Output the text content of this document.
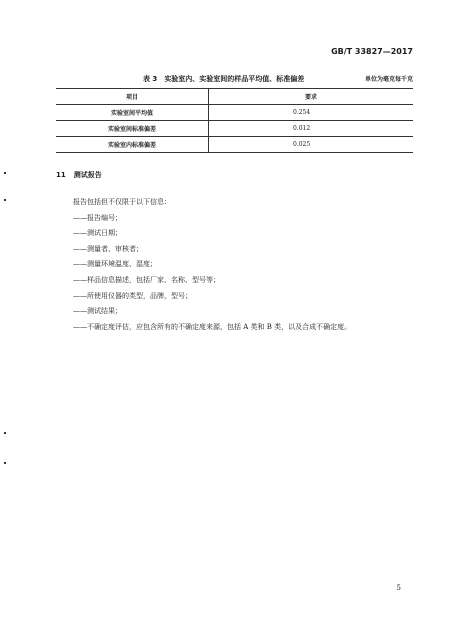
GB/T 33827—2017
表 3 实验室内、实验室间的样品平均值、标准偏差	单位为毫克每千克
项目	要求
实验室间平均值	0.254
实验室间标准偏差	0.012
实验室内标准偏差	0.025
11 测试报告
报告包括但不仅限于以下信息：
——报告编号；
——测试日期；
——测量者、审核者；
——测量环境温度、湿度；
——样品信息描述，包括厂家、名称、型号等；
——所使用仪器的类型，品牌，型号；
——测试结果；
——不确定度评估，应包含所有的不确定度来源，包括 A 类和 B 类，以及合成不确定度。
5
